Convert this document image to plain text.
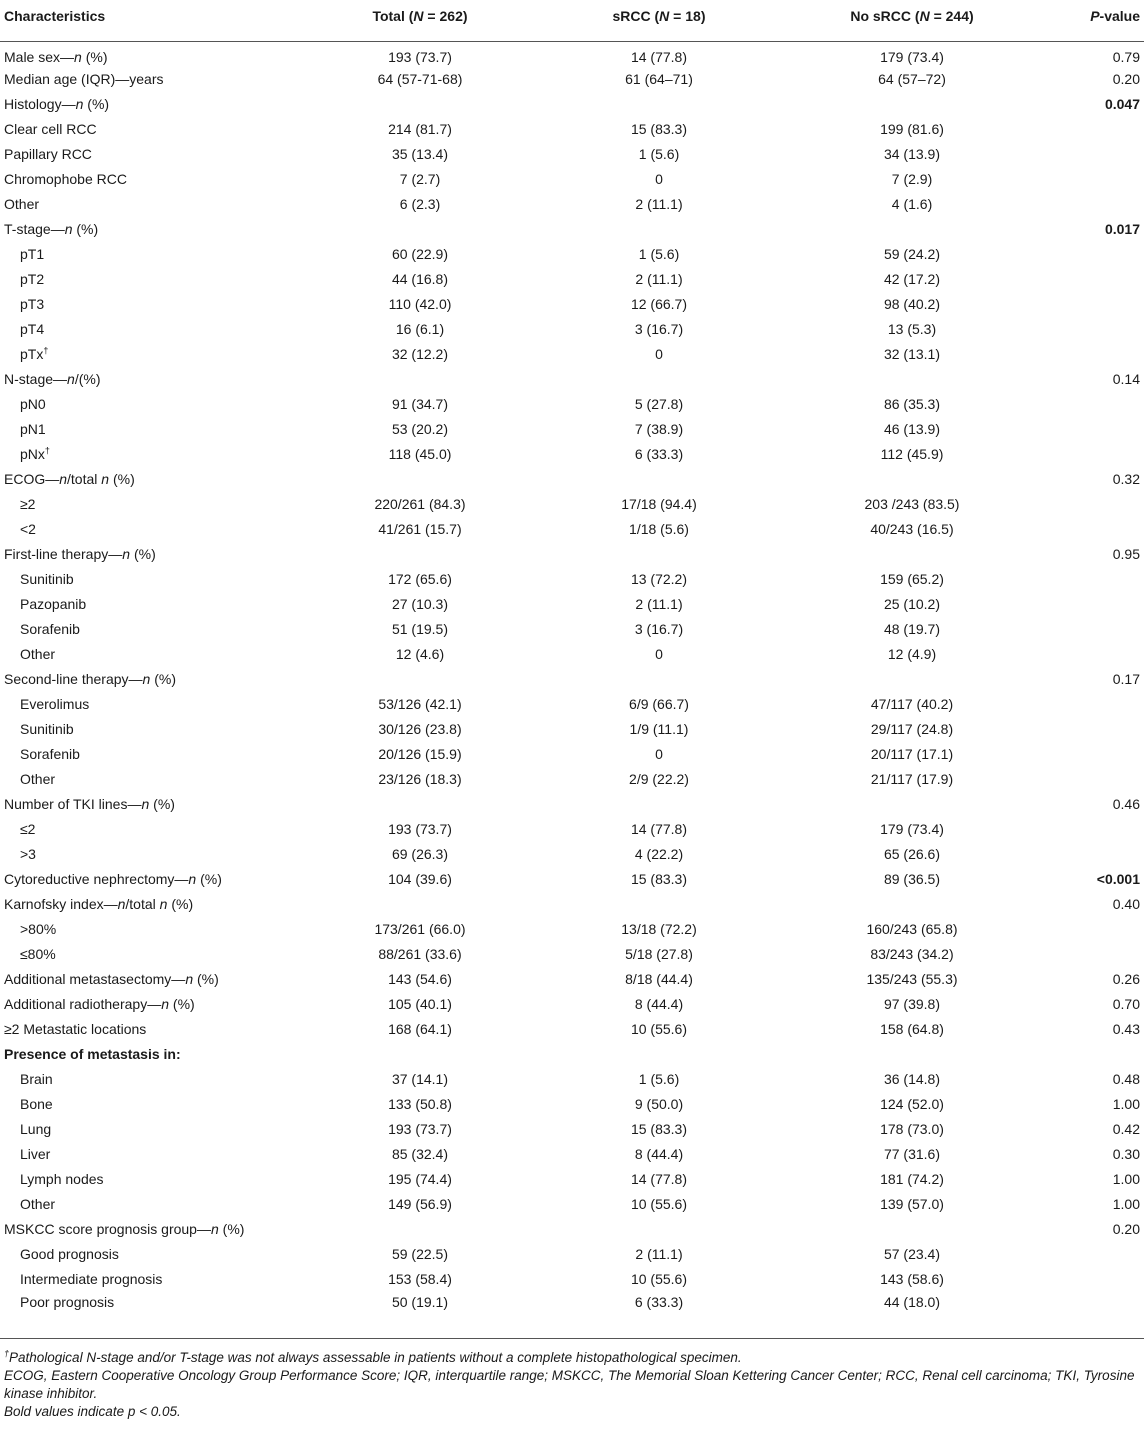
Characteristics	Total (N = 262)	sRCC (N = 18)	No sRCC (N = 244)	P-value
Male sex—n (%)	193 (73.7)	14 (77.8)	179 (73.4)	0.79
Median age (IQR)—years	64 (57-71-68)	61 (64–71)	64 (57–72)	0.20
Histology—n (%)				0.047
Clear cell RCC	214 (81.7)	15 (83.3)	199 (81.6)	
Papillary RCC	35 (13.4)	1 (5.6)	34 (13.9)	
Chromophobe RCC	7 (2.7)	0	7 (2.9)	
Other	6 (2.3)	2 (11.1)	4 (1.6)	
T-stage—n (%)				0.017
pT1	60 (22.9)	1 (5.6)	59 (24.2)	
pT2	44 (16.8)	2 (11.1)	42 (17.2)	
pT3	110 (42.0)	12 (66.7)	98 (40.2)	
pT4	16 (6.1)	3 (16.7)	13 (5.3)	
pTx†	32 (12.2)	0	32 (13.1)	
N-stage—n/(%)				0.14
pN0	91 (34.7)	5 (27.8)	86 (35.3)	
pN1	53 (20.2)	7 (38.9)	46 (13.9)	
pNx†	118 (45.0)	6 (33.3)	112 (45.9)	
ECOG—n/total n (%)				0.32
≥2	220/261 (84.3)	17/18 (94.4)	203 /243 (83.5)	
<2	41/261 (15.7)	1/18 (5.6)	40/243 (16.5)	
First-line therapy—n (%)				0.95
Sunitinib	172 (65.6)	13 (72.2)	159 (65.2)	
Pazopanib	27 (10.3)	2 (11.1)	25 (10.2)	
Sorafenib	51 (19.5)	3 (16.7)	48 (19.7)	
Other	12 (4.6)	0	12 (4.9)	
Second-line therapy—n (%)				0.17
Everolimus	53/126 (42.1)	6/9 (66.7)	47/117 (40.2)	
Sunitinib	30/126 (23.8)	1/9 (11.1)	29/117 (24.8)	
Sorafenib	20/126 (15.9)	0	20/117 (17.1)	
Other	23/126 (18.3)	2/9 (22.2)	21/117 (17.9)	
Number of TKI lines—n (%)				0.46
≤2	193 (73.7)	14 (77.8)	179 (73.4)	
>3	69 (26.3)	4 (22.2)	65 (26.6)	
Cytoreductive nephrectomy—n (%)	104 (39.6)	15 (83.3)	89 (36.5)	<0.001
Karnofsky index—n/total n (%)				0.40
>80%	173/261 (66.0)	13/18 (72.2)	160/243 (65.8)	
≤80%	88/261 (33.6)	5/18 (27.8)	83/243 (34.2)	
Additional metastasectomy—n (%)	143 (54.6)	8/18 (44.4)	135/243 (55.3)	0.26
Additional radiotherapy—n (%)	105 (40.1)	8 (44.4)	97 (39.8)	0.70
≥2 Metastatic locations	168 (64.1)	10 (55.6)	158 (64.8)	0.43
Presence of metastasis in:				
Brain	37 (14.1)	1 (5.6)	36 (14.8)	0.48
Bone	133 (50.8)	9 (50.0)	124 (52.0)	1.00
Lung	193 (73.7)	15 (83.3)	178 (73.0)	0.42
Liver	85 (32.4)	8 (44.4)	77 (31.6)	0.30
Lymph nodes	195 (74.4)	14 (77.8)	181 (74.2)	1.00
Other	149 (56.9)	10 (55.6)	139 (57.0)	1.00
MSKCC score prognosis group—n (%)				0.20
Good prognosis	59 (22.5)	2 (11.1)	57 (23.4)	
Intermediate prognosis	153 (58.4)	10 (55.6)	143 (58.6)	
Poor prognosis	50 (19.1)	6 (33.3)	44 (18.0)	

†Pathological N-stage and/or T-stage was not always assessable in patients without a complete histopathological specimen.

ECOG, Eastern Cooperative Oncology Group Performance Score; IQR, interquartile range; MSKCC, The Memorial Sloan Kettering Cancer Center; RCC, Renal cell carcinoma; TKI, Tyrosine kinase inhibitor.

Bold values indicate p < 0.05.
